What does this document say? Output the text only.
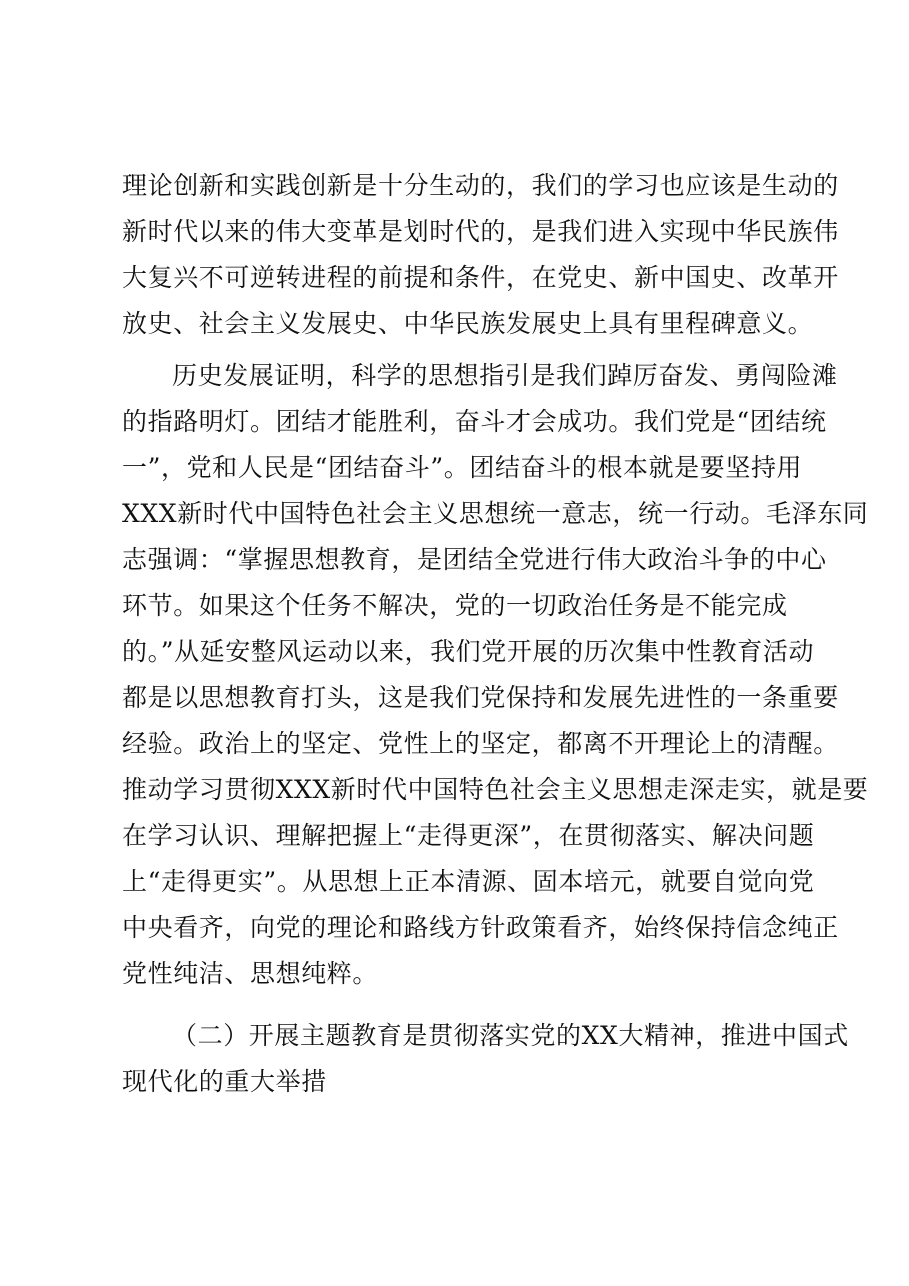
理论创新和实践创新是十分生动的，我们的学习也应该是生动的
新时代以来的伟大变革是划时代的，是我们进入实现中华民族伟
大复兴不可逆转进程的前提和条件，在党史、新中国史、改革开
放史、社会主义发展史、中华民族发展史上具有里程碑意义。
历史发展证明，科学的思想指引是我们踔厉奋发、勇闯险滩
的指路明灯。团结才能胜利，奋斗才会成功。我们党是“团结统
一”，党和人民是“团结奋斗”。团结奋斗的根本就是要坚持用
XXX新时代中国特色社会主义思想统一意志，统一行动。毛泽东同
志强调：“掌握思想教育，是团结全党进行伟大政治斗争的中心
环节。如果这个任务不解决，党的一切政治任务是不能完成
的。”从延安整风运动以来，我们党开展的历次集中性教育活动
都是以思想教育打头，这是我们党保持和发展先进性的一条重要
经验。政治上的坚定、党性上的坚定，都离不开理论上的清醒。
推动学习贯彻XXX新时代中国特色社会主义思想走深走实，就是要
在学习认识、理解把握上“走得更深”，在贯彻落实、解决问题
上“走得更实”。从思想上正本清源、固本培元，就要自觉向党
中央看齐，向党的理论和路线方针政策看齐，始终保持信念纯正
党性纯洁、思想纯粹。
（二）开展主题教育是贯彻落实党的XX大精神，推进中国式
现代化的重大举措
